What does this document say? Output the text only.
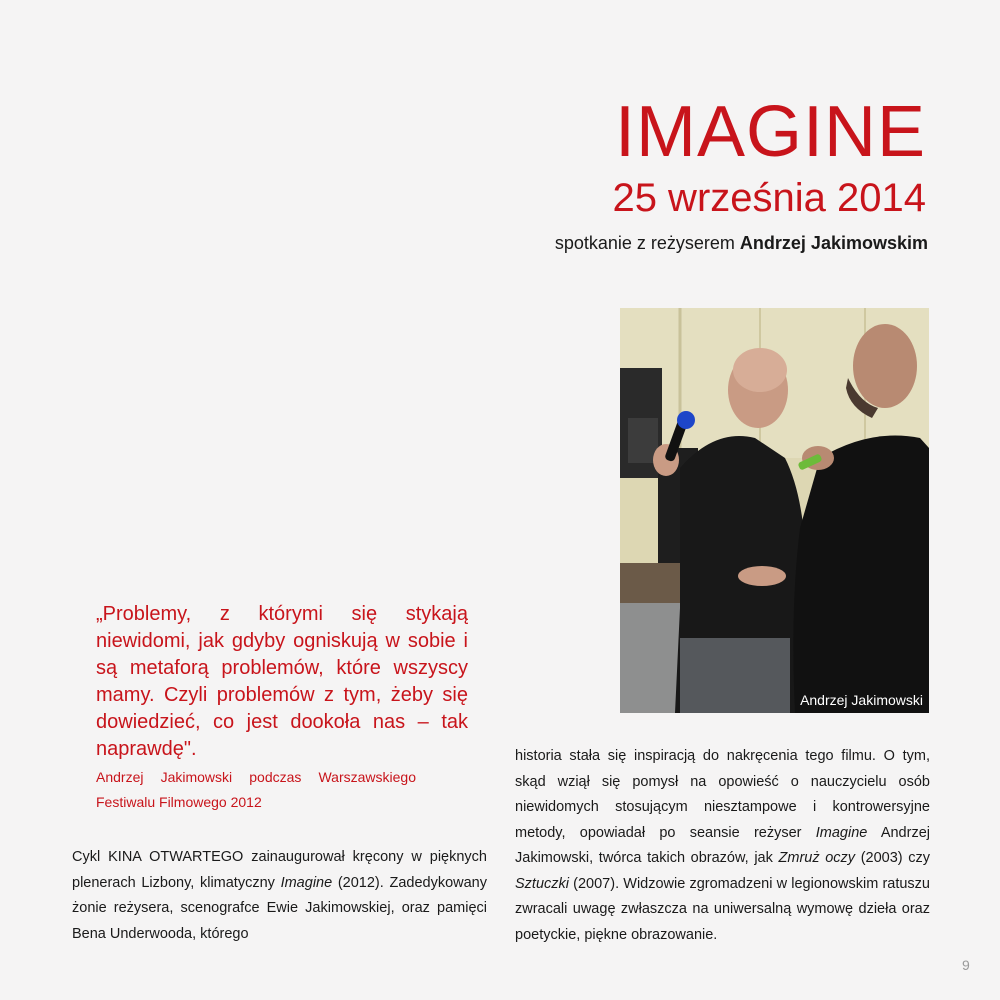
IMAGINE
25 września 2014
spotkanie z reżyserem Andrzej Jakimowskim
Andrzej Jakimowski

„Problemy, z którymi się stykają niewidomi, jak gdyby ogniskują w sobie i są metaforą problemów, które wszyscy mamy. Czyli problemów z tym, żeby się dowiedzieć, co jest dookoła nas – tak naprawdę".

Andrzej Jakimowski podczas Warszawskiego

Festiwalu Filmowego 2012

Cykl KINA OTWARTEGO zainaugurował kręcony w pięknych plenerach Lizbony, klimatyczny Imagine (2012). Zadedykowany żonie reżysera, scenografce Ewie Jakimowskiej, oraz pamięci Bena Underwooda, którego

historia stała się inspiracją do nakręcenia tego filmu. O tym, skąd wziął się pomysł na opowieść o nauczycielu osób niewidomych stosującym niesztampowe i kontrowersyjne metody, opowiadał po seansie reżyser Imagine Andrzej Jakimowski, twórca takich obrazów, jak Zmruż oczy (2003) czy Sztuczki (2007). Widzowie zgromadzeni w legionowskim ratuszu zwracali uwagę zwłaszcza na uniwersalną wymowę dzieła oraz poetyckie, piękne obrazowanie.

9
